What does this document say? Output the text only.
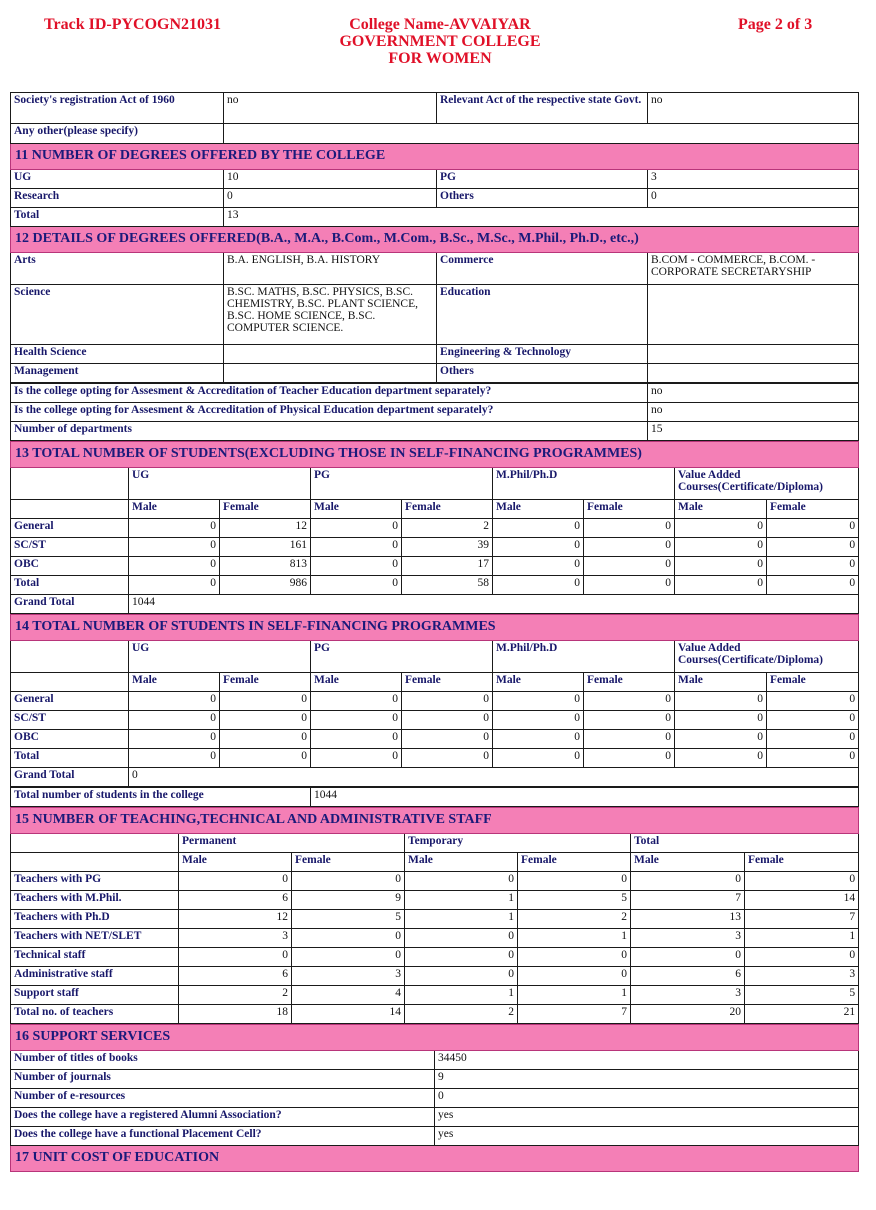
Track ID-PYCOGN21031	College Name-AVVAIYAR
GOVERNMENT COLLEGE
FOR WOMEN
Page 2 of 3
Society's registration Act of 1960	no	Relevant Act of the respective state Govt.	no
Any other(please specify)			
11 NUMBER OF DEGREES OFFERED BY THE COLLEGE			
UG	10	PG	3
Research	0	Others	0
Total	13		
12 DETAILS OF DEGREES OFFERED(B.A., M.A., B.Com., M.Com., B.Sc., M.Sc., M.Phil., Ph.D., etc.,)			
Arts	B.A. ENGLISH, B.A. HISTORY	Commerce	B.COM - COMMERCE, B.COM. - CORPORATE SECRETARYSHIP
Science	B.SC. MATHS, B.SC. PHYSICS, B.SC. CHEMISTRY, B.SC. PLANT SCIENCE, B.SC. HOME SCIENCE, B.SC. COMPUTER SCIENCE.	Education	
Health Science		Engineering & Technology	
Management		Others	
Is the college opting for Assesment & Accreditation of Teacher Education department separately?	no
Is the college opting for Assesment & Accreditation of Physical Education department separately?	no
Number of departments	15
13 TOTAL NUMBER OF STUDENTS(EXCLUDING THOSE IN SELF-FINANCING PROGRAMMES)								
	UG		PG		M.Phil/Ph.D		Value Added Courses(Certificate/Diploma)	
	Male	Female	Male	Female	Male	Female	Male	Female
General	0	12	0	2	0	0	0	0
SC/ST	0	161	0	39	0	0	0	0
OBC	0	813	0	17	0	0	0	0
Total	0	986	0	58	0	0	0	0
Grand Total	1044							
14 TOTAL NUMBER OF STUDENTS IN SELF-FINANCING PROGRAMMES								
	UG		PG		M.Phil/Ph.D		Value Added Courses(Certificate/Diploma)	
	Male	Female	Male	Female	Male	Female	Male	Female
General	0	0	0	0	0	0	0	0
SC/ST	0	0	0	0	0	0	0	0
OBC	0	0	0	0	0	0	0	0
Total	0	0	0	0	0	0	0	0
Grand Total	0							
Total number of students in the college	1044
15 NUMBER OF TEACHING,TECHNICAL AND ADMINISTRATIVE STAFF						
	Permanent		Temporary		Total	
	Male	Female	Male	Female	Male	Female
Teachers with PG	0	0	0	0	0	0
Teachers with M.Phil.	6	9	1	5	7	14
Teachers with Ph.D	12	5	1	2	13	7
Teachers with NET/SLET	3	0	0	1	3	1
Technical staff	0	0	0	0	0	0
Administrative staff	6	3	0	0	6	3
Support staff	2	4	1	1	3	5
Total no. of teachers	18	14	2	7	20	21
16 SUPPORT SERVICES	
Number of titles of books	34450
Number of journals	9
Number of e-resources	0
Does the college have a registered Alumni Association?	yes
Does the college have a functional Placement Cell?	yes
17 UNIT COST OF EDUCATION	
